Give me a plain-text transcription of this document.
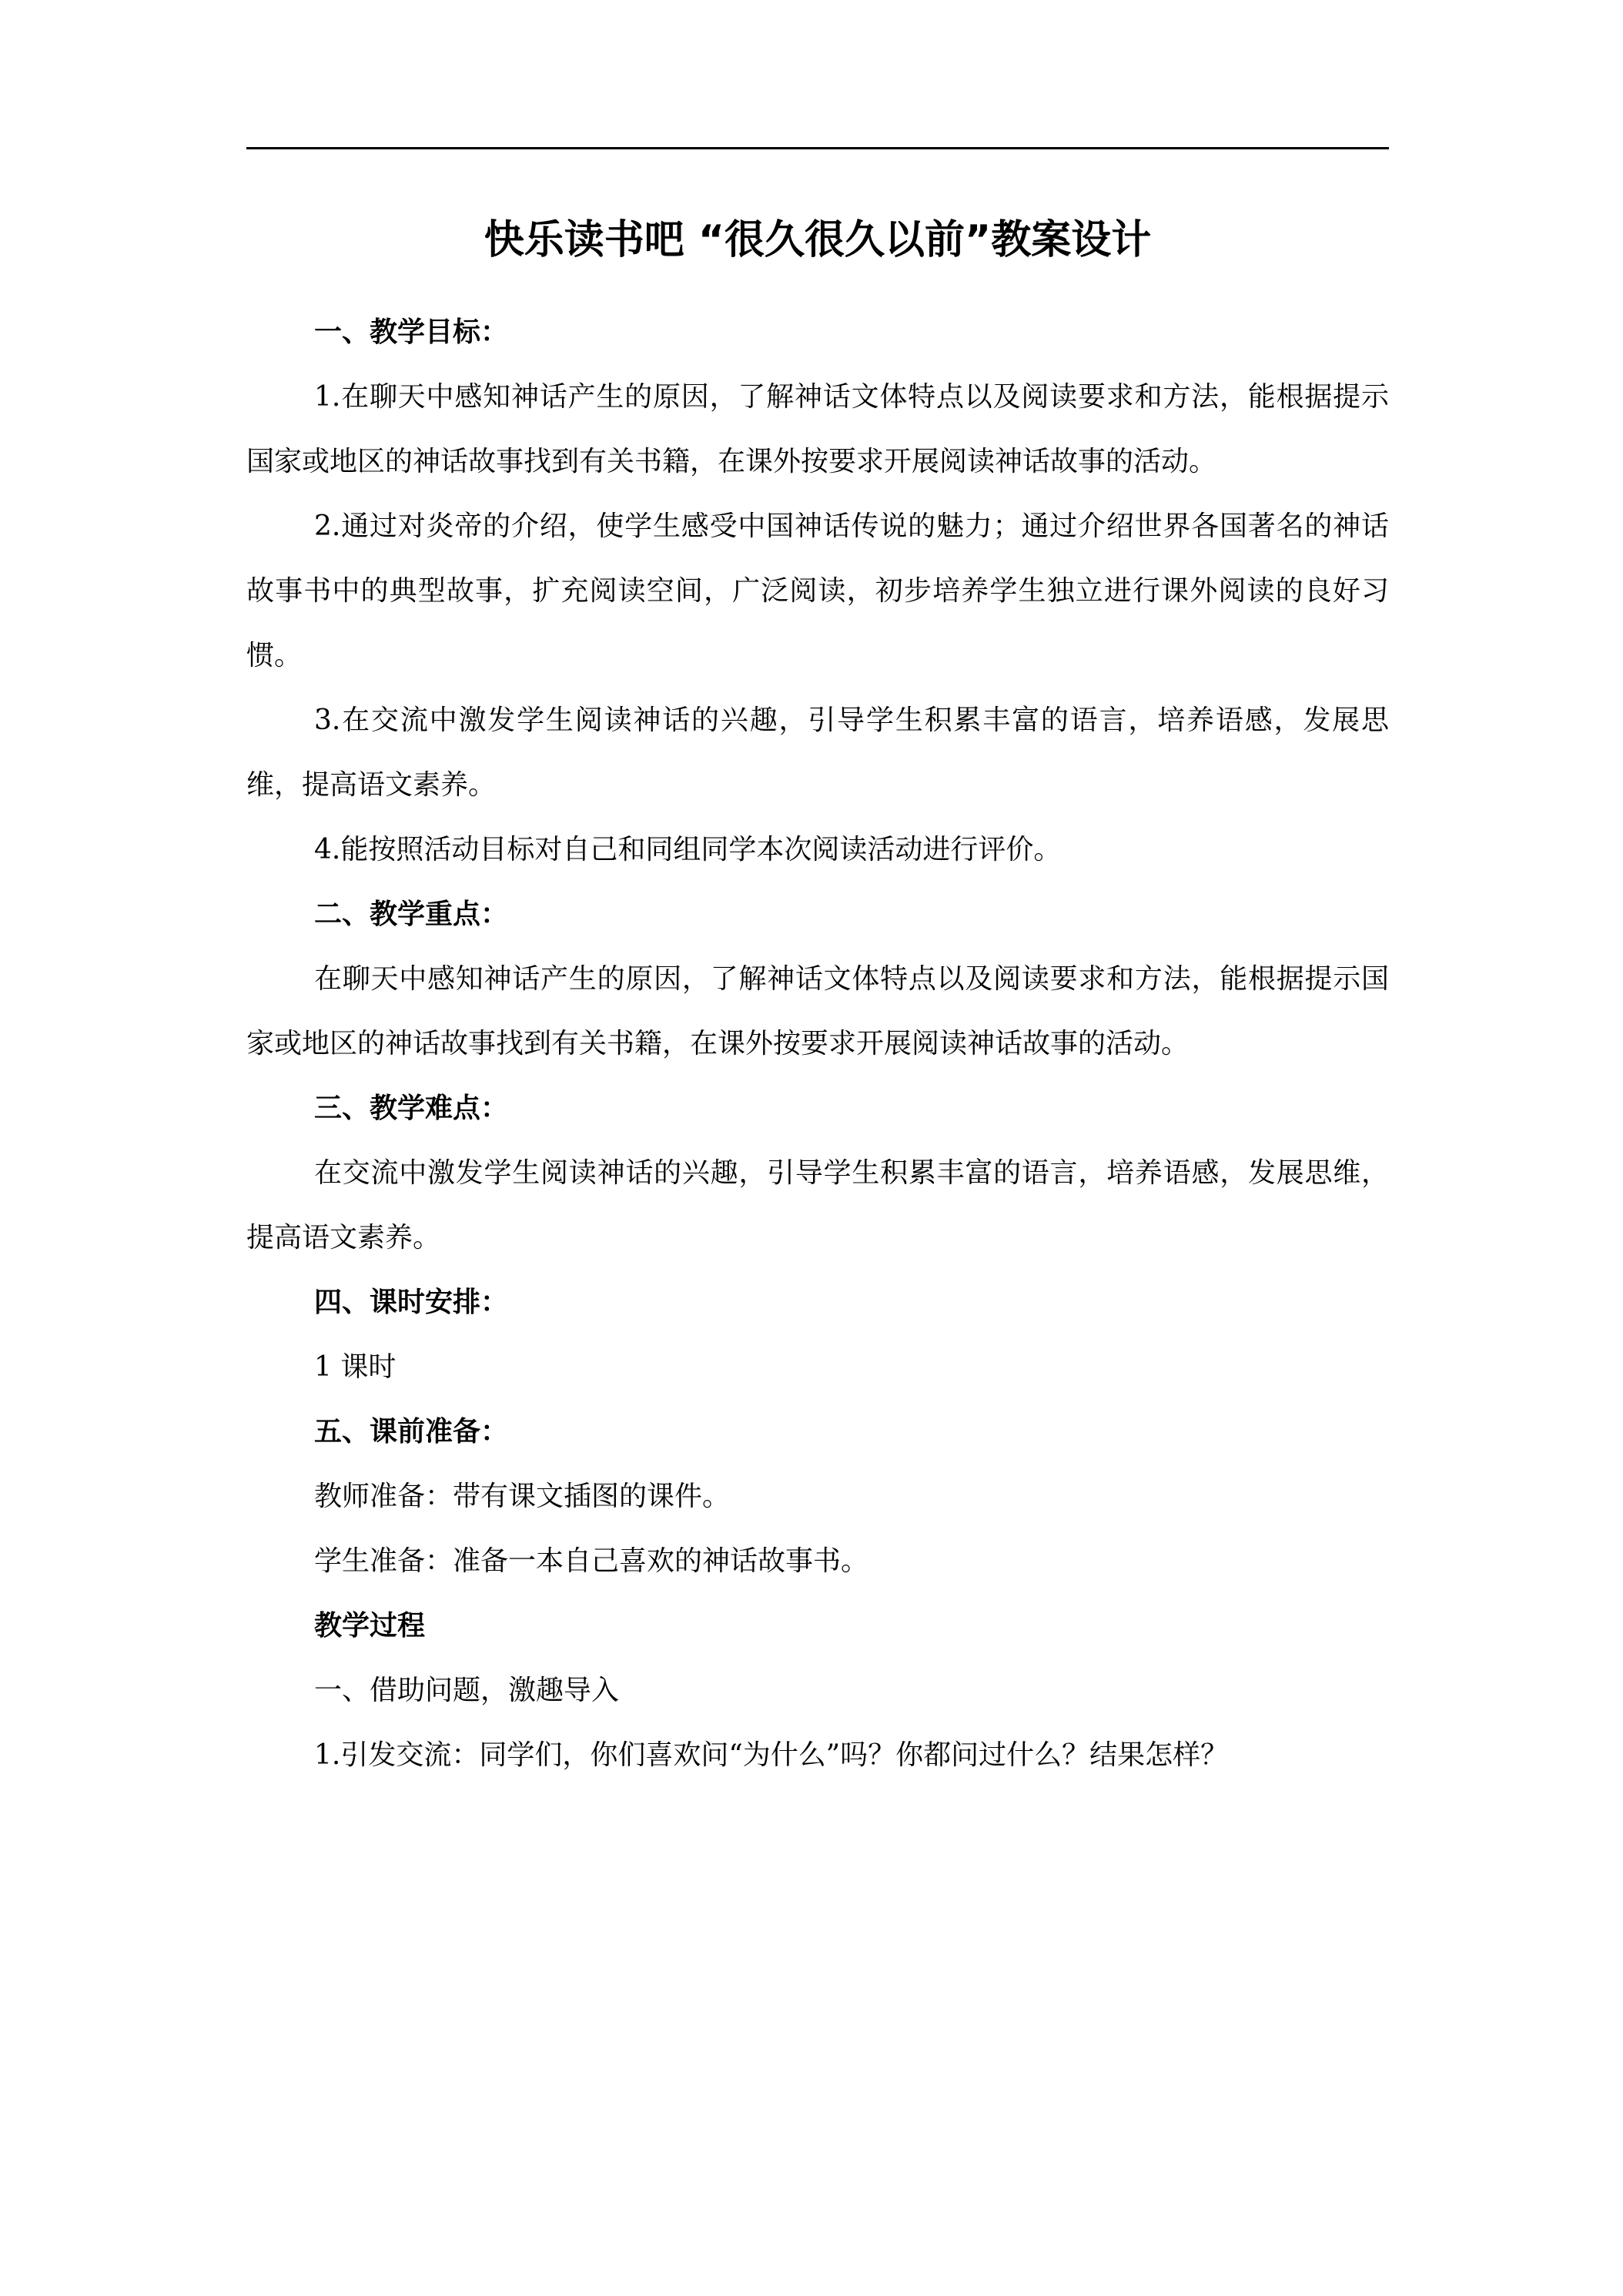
快乐读书吧 “很久很久以前”教案设计

一、教学目标：

1.在聊天中感知神话产生的原因，了解神话文体特点以及阅读要求和方法，能根据提示国家或地区的神话故事找到有关书籍，在课外按要求开展阅读神话故事的活动。

2.通过对炎帝的介绍，使学生感受中国神话传说的魅力；通过介绍世界各国著名的神话故事书中的典型故事，扩充阅读空间，广泛阅读，初步培养学生独立进行课外阅读的良好习惯。

3.在交流中激发学生阅读神话的兴趣，引导学生积累丰富的语言，培养语感，发展思维，提高语文素养。

4.能按照活动目标对自己和同组同学本次阅读活动进行评价。

二、教学重点：

在聊天中感知神话产生的原因，了解神话文体特点以及阅读要求和方法，能根据提示国家或地区的神话故事找到有关书籍，在课外按要求开展阅读神话故事的活动。

三、教学难点：

在交流中激发学生阅读神话的兴趣，引导学生积累丰富的语言，培养语感，发展思维，提高语文素养。

四、课时安排：

1 课时

五、课前准备：

教师准备：带有课文插图的课件。

学生准备：准备一本自己喜欢的神话故事书。

教学过程

一、借助问题，激趣导入

1.引发交流：同学们，你们喜欢问“为什么”吗？你都问过什么？结果怎样？
